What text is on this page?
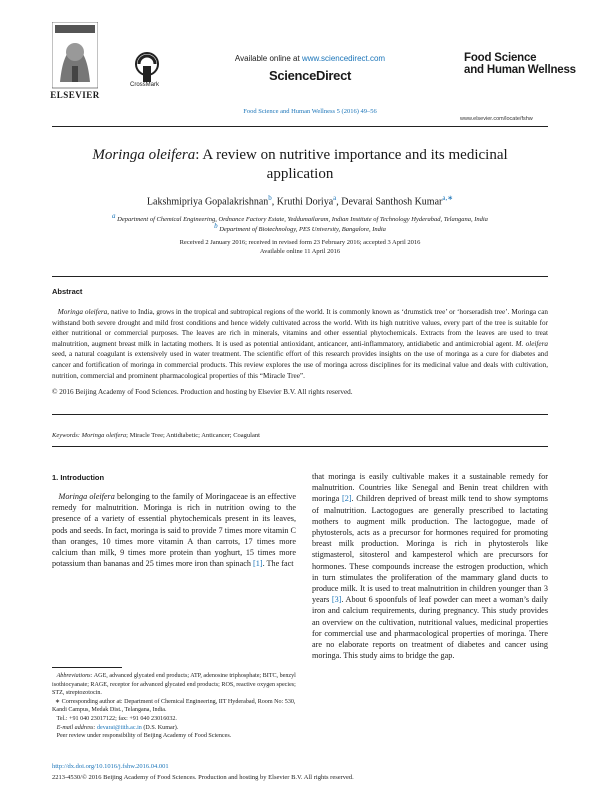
ELSEVIER
CrossMark
Available online at www.sciencedirect.com
ScienceDirect
Food Science and Human Wellness 5 (2016) 49–56
Food Science
and Human Wellness
www.elsevier.com/locate/fshw
Moringa oleifera: A review on nutritive importance and its medicinal application
Lakshmipriya Gopalakrishnan$^b$, Kruthi Doriya$^a$, Devarai Santhosh Kumar$^{a,∗}$
$^a$ Department of Chemical Engineering, Ordnance Factory Estate, Yeddumailaram, Indian Institute of Technology Hyderabad, Telangana, India
$^b$ Department of Biotechnology, PES University, Bangalore, India
Received 2 January 2016; received in revised form 23 February 2016; accepted 3 April 2016
Available online 11 April 2016
Abstract
Moringa oleifera, native to India, grows in the tropical and subtropical regions of the world. It is commonly known as ‘drumstick tree’ or ‘horseradish tree’. Moringa can withstand both severe drought and mild frost conditions and hence widely cultivated across the world. With its high nutritive values, every part of the tree is suitable for either nutritional or commercial purposes. The leaves are rich in minerals, vitamins and other essential phytochemicals. Extracts from the leaves are used to treat malnutrition, augment breast milk in lactating mothers. It is used as potential antioxidant, anticancer, anti-inflammatory, antidiabetic and antimicrobial agent. M. oleifera seed, a natural coagulant is extensively used in water treatment. The scientific effort of this research provides insights on the use of moringa as a cure for diabetes and cancer and fortification of moringa in commercial products. This review explores the use of moringa across disciplines for its medicinal value and deals with cultivation, nutrition, commercial and prominent pharmacological properties of this “Miracle Tree”.
© 2016 Beijing Academy of Food Sciences. Production and hosting by Elsevier B.V. All rights reserved.
Keywords: Moringa oleifera; Miracle Tree; Antidiabetic; Anticancer; Coagulant
1. Introduction
Moringa oleifera belonging to the family of Moringaceae is an effective remedy for malnutrition. Moringa is rich in nutrition owing to the presence of a variety of essential phytochemicals present in its leaves, pods and seeds. In fact, moringa is said to provide 7 times more vitamin C than oranges, 10 times more vitamin A than carrots, 17 times more calcium than milk, 9 times more protein than yoghurt, 15 times more potassium than bananas and 25 times more iron than spinach [1]. The fact
that moringa is easily cultivable makes it a sustainable remedy for malnutrition. Countries like Senegal and Benin treat children with moringa [2]. Children deprived of breast milk tend to show symptoms of malnutrition. Lactogogues are generally prescribed to lactating mothers to augment milk production. The lactogogue, made of phytosterols, acts as a precursor for hormones required for promoting breast milk production. Moringa is rich in phytosterols like stigmasterol, sitosterol and kampesterol which are precursors for hormones. These compounds increase the estrogen production, which in turn stimulates the proliferation of the mammary gland ducts to produce milk. It is used to treat malnutrition in children younger than 3 years [3]. About 6 spoonfuls of leaf powder can meet a woman’s daily iron and calcium requirements, during pregnancy. This study provides an overview on the cultivation, nutritional values, medicinal properties for commercial use and pharmacological properties of moringa. There are no elaborate reports on treatment of diabetes and cancer using moringa. This study aims to bridge the gap.
Abbreviations: AGE, advanced glycated end products; ATP, adenosine triphosphate; BITC, benzyl isothiocyanate; RAGE, receptor for advanced glycated end products; ROS, reactive oxygen species; STZ, streptozotocin.
∗ Corresponding author at: Department of Chemical Engineering, IIT Hyderabad, Room No: 530, Kandi Campus, Medak Dist., Telangana, India.
Tel.: +91 040 23017122; fax: +91 040 23016032.
E-mail address: devarai@iith.ac.in (D.S. Kumar).
Peer review under responsibility of Beijing Academy of Food Sciences.
http://dx.doi.org/10.1016/j.fshw.2016.04.001
2213-4530/© 2016 Beijing Academy of Food Sciences. Production and hosting by Elsevier B.V. All rights reserved.
